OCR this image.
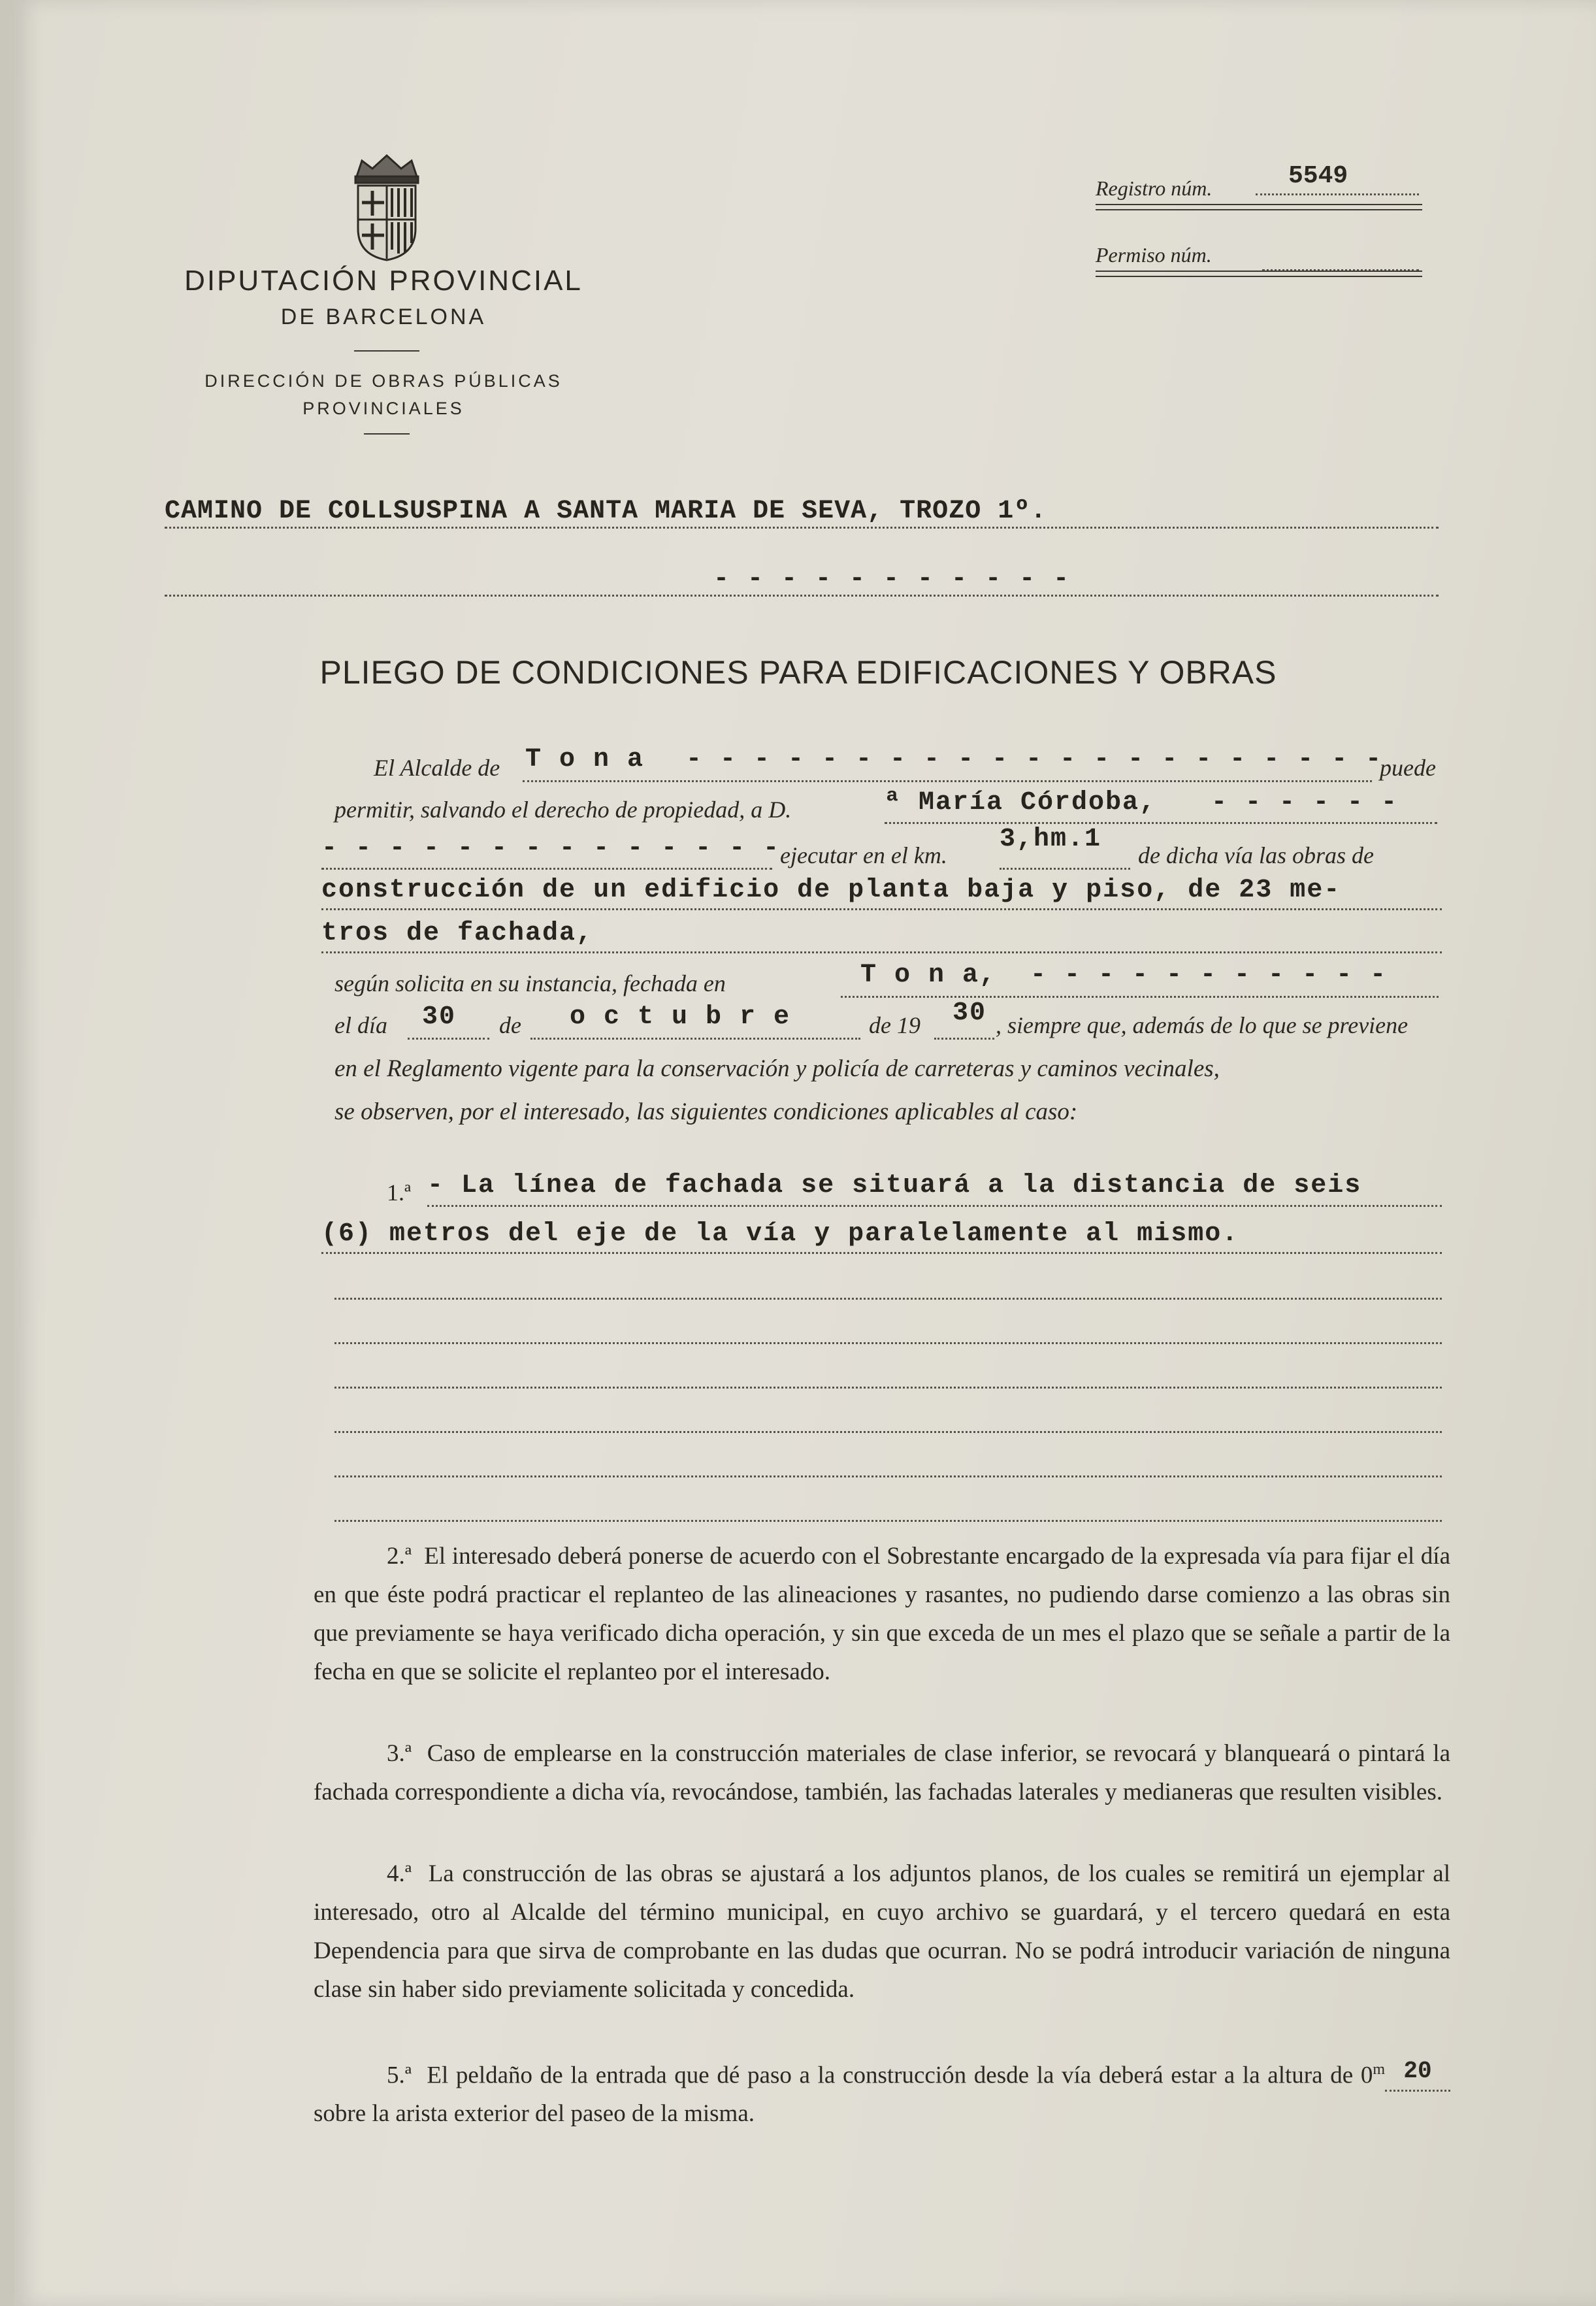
DIPUTACIÓN PROVINCIAL
DE BARCELONA
DIRECCIÓN DE OBRAS PÚBLICAS
PROVINCIALES
Registro núm.	5549
Permiso núm.
CAMINO DE COLLSUSPINA A SANTA MARIA DE SEVA, TROZO 1º.
- - - - - - - - - - -
PLIEGO DE CONDICIONES PARA EDIFICACIONES Y OBRAS
El Alcalde de T o n a - - - - - - - - - - - - - - - - - - - - -
puede
permitir, salvando el derecho de propiedad, a D.	ª María Córdoba, - - - - - -
- - - - - - - - - - - - - - ejecutar en el km.
3,hm.1
de dicha vía las obras de
construcción de un edificio de planta baja y piso, de 23 me-
tros de fachada,
según solicita en su instancia, fechada en	T o n a, - - - - - - - - - - -
el día 30 de o c t u b r e	de 19 30 , siempre que, además de lo que se previene
en el Reglamento vigente para la conservación y policía de carreteras y caminos vecinales,
se observen, por el interesado, las siguientes condiciones aplicables al caso:
1.ª - La línea de fachada se situará a la distancia de seis
(6) metros del eje de la vía y paralelamente al mismo.
2.ª El interesado deberá ponerse de acuerdo con el Sobrestante encargado de la expresada vía para fijar el día en que éste podrá practicar el replanteo de las alineaciones y rasantes, no pudiendo darse comienzo a las obras sin que previamente se haya verificado dicha operación, y sin que exceda de un mes el plazo que se señale a partir de la fecha en que se solicite el replanteo por el interesado.
3.ª Caso de emplearse en la construcción materiales de clase inferior, se revocará y blanqueará o pintará la fachada correspondiente a dicha vía, revocándose, también, las fachadas laterales y medianeras que resulten visibles.
4.ª La construcción de las obras se ajustará a los adjuntos planos, de los cuales se remitirá un ejemplar al interesado, otro al Alcalde del término municipal, en cuyo archivo se guardará, y el tercero quedará en esta Dependencia para que sirva de comprobante en las dudas que ocurran. No se podrá introducir variación de ninguna clase sin haber sido previamente solicitada y concedida.
5.ª El peldaño de la entrada que dé paso a la construcción desde la vía deberá estar a la altura de 0$^m$ 20 sobre la arista exterior del paseo de la misma.
